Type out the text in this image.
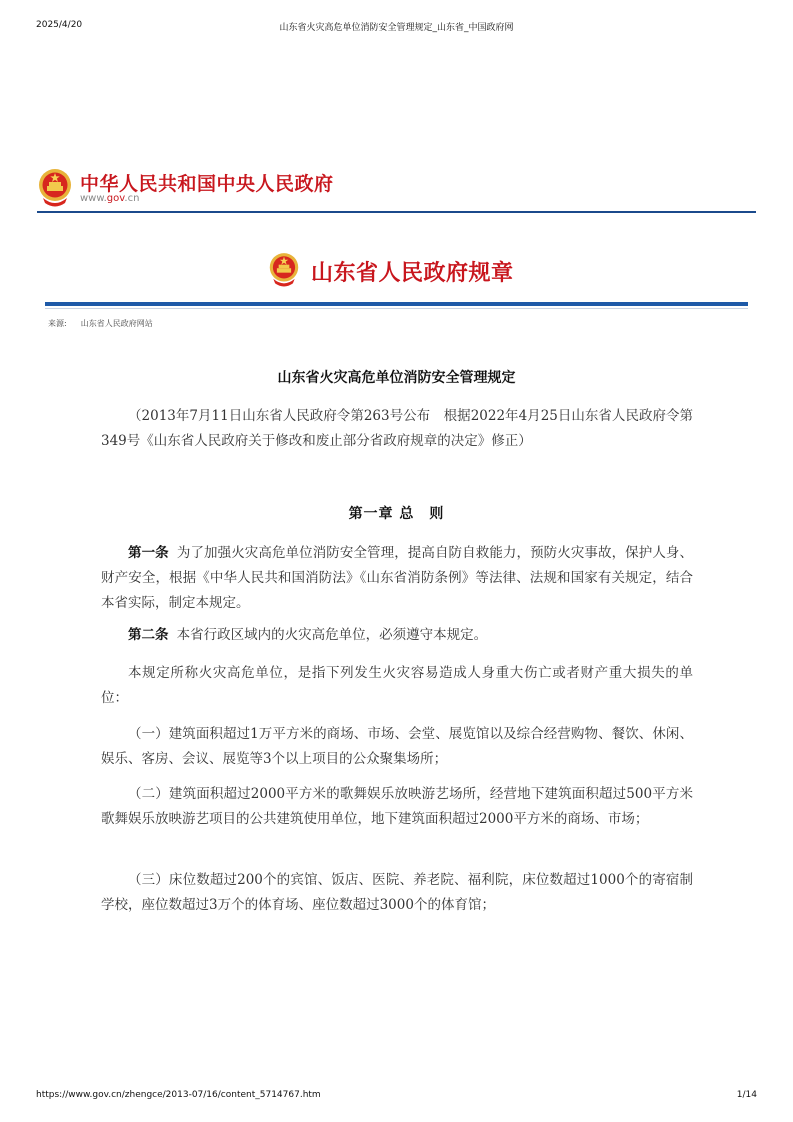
2025/4/20	山东省火灾高危单位消防安全管理规定_山东省_中国政府网
中华人民共和国中央人民政府
www.gov.cn
山东省人民政府规章
来源: 山东省人民政府网站
山东省火灾高危单位消防安全管理规定

（2013年7月11日山东省人民政府令第263号公布　根据2022年4月25日山东省人民政府令第349号《山东省人民政府关于修改和废止部分省政府规章的决定》修正）

第一章 总　则

第一条 为了加强火灾高危单位消防安全管理，提高自防自救能力，预防火灾事故，保护人身、财产安全，根据《中华人民共和国消防法》《山东省消防条例》等法律、法规和国家有关规定，结合本省实际，制定本规定。

第二条 本省行政区域内的火灾高危单位，必须遵守本规定。

本规定所称火灾高危单位，是指下列发生火灾容易造成人身重大伤亡或者财产重大损失的单位：

（一）建筑面积超过1万平方米的商场、市场、会堂、展览馆以及综合经营购物、餐饮、休闲、娱乐、客房、会议、展览等3个以上项目的公众聚集场所；

（二）建筑面积超过2000平方米的歌舞娱乐放映游艺场所，经营地下建筑面积超过500平方米歌舞娱乐放映游艺项目的公共建筑使用单位，地下建筑面积超过2000平方米的商场、市场；

（三）床位数超过200个的宾馆、饭店、医院、养老院、福利院，床位数超过1000个的寄宿制学校，座位数超过3万个的体育场、座位数超过3000个的体育馆；

https://www.gov.cn/zhengce/2013-07/16/content_5714767.htm	1/14
